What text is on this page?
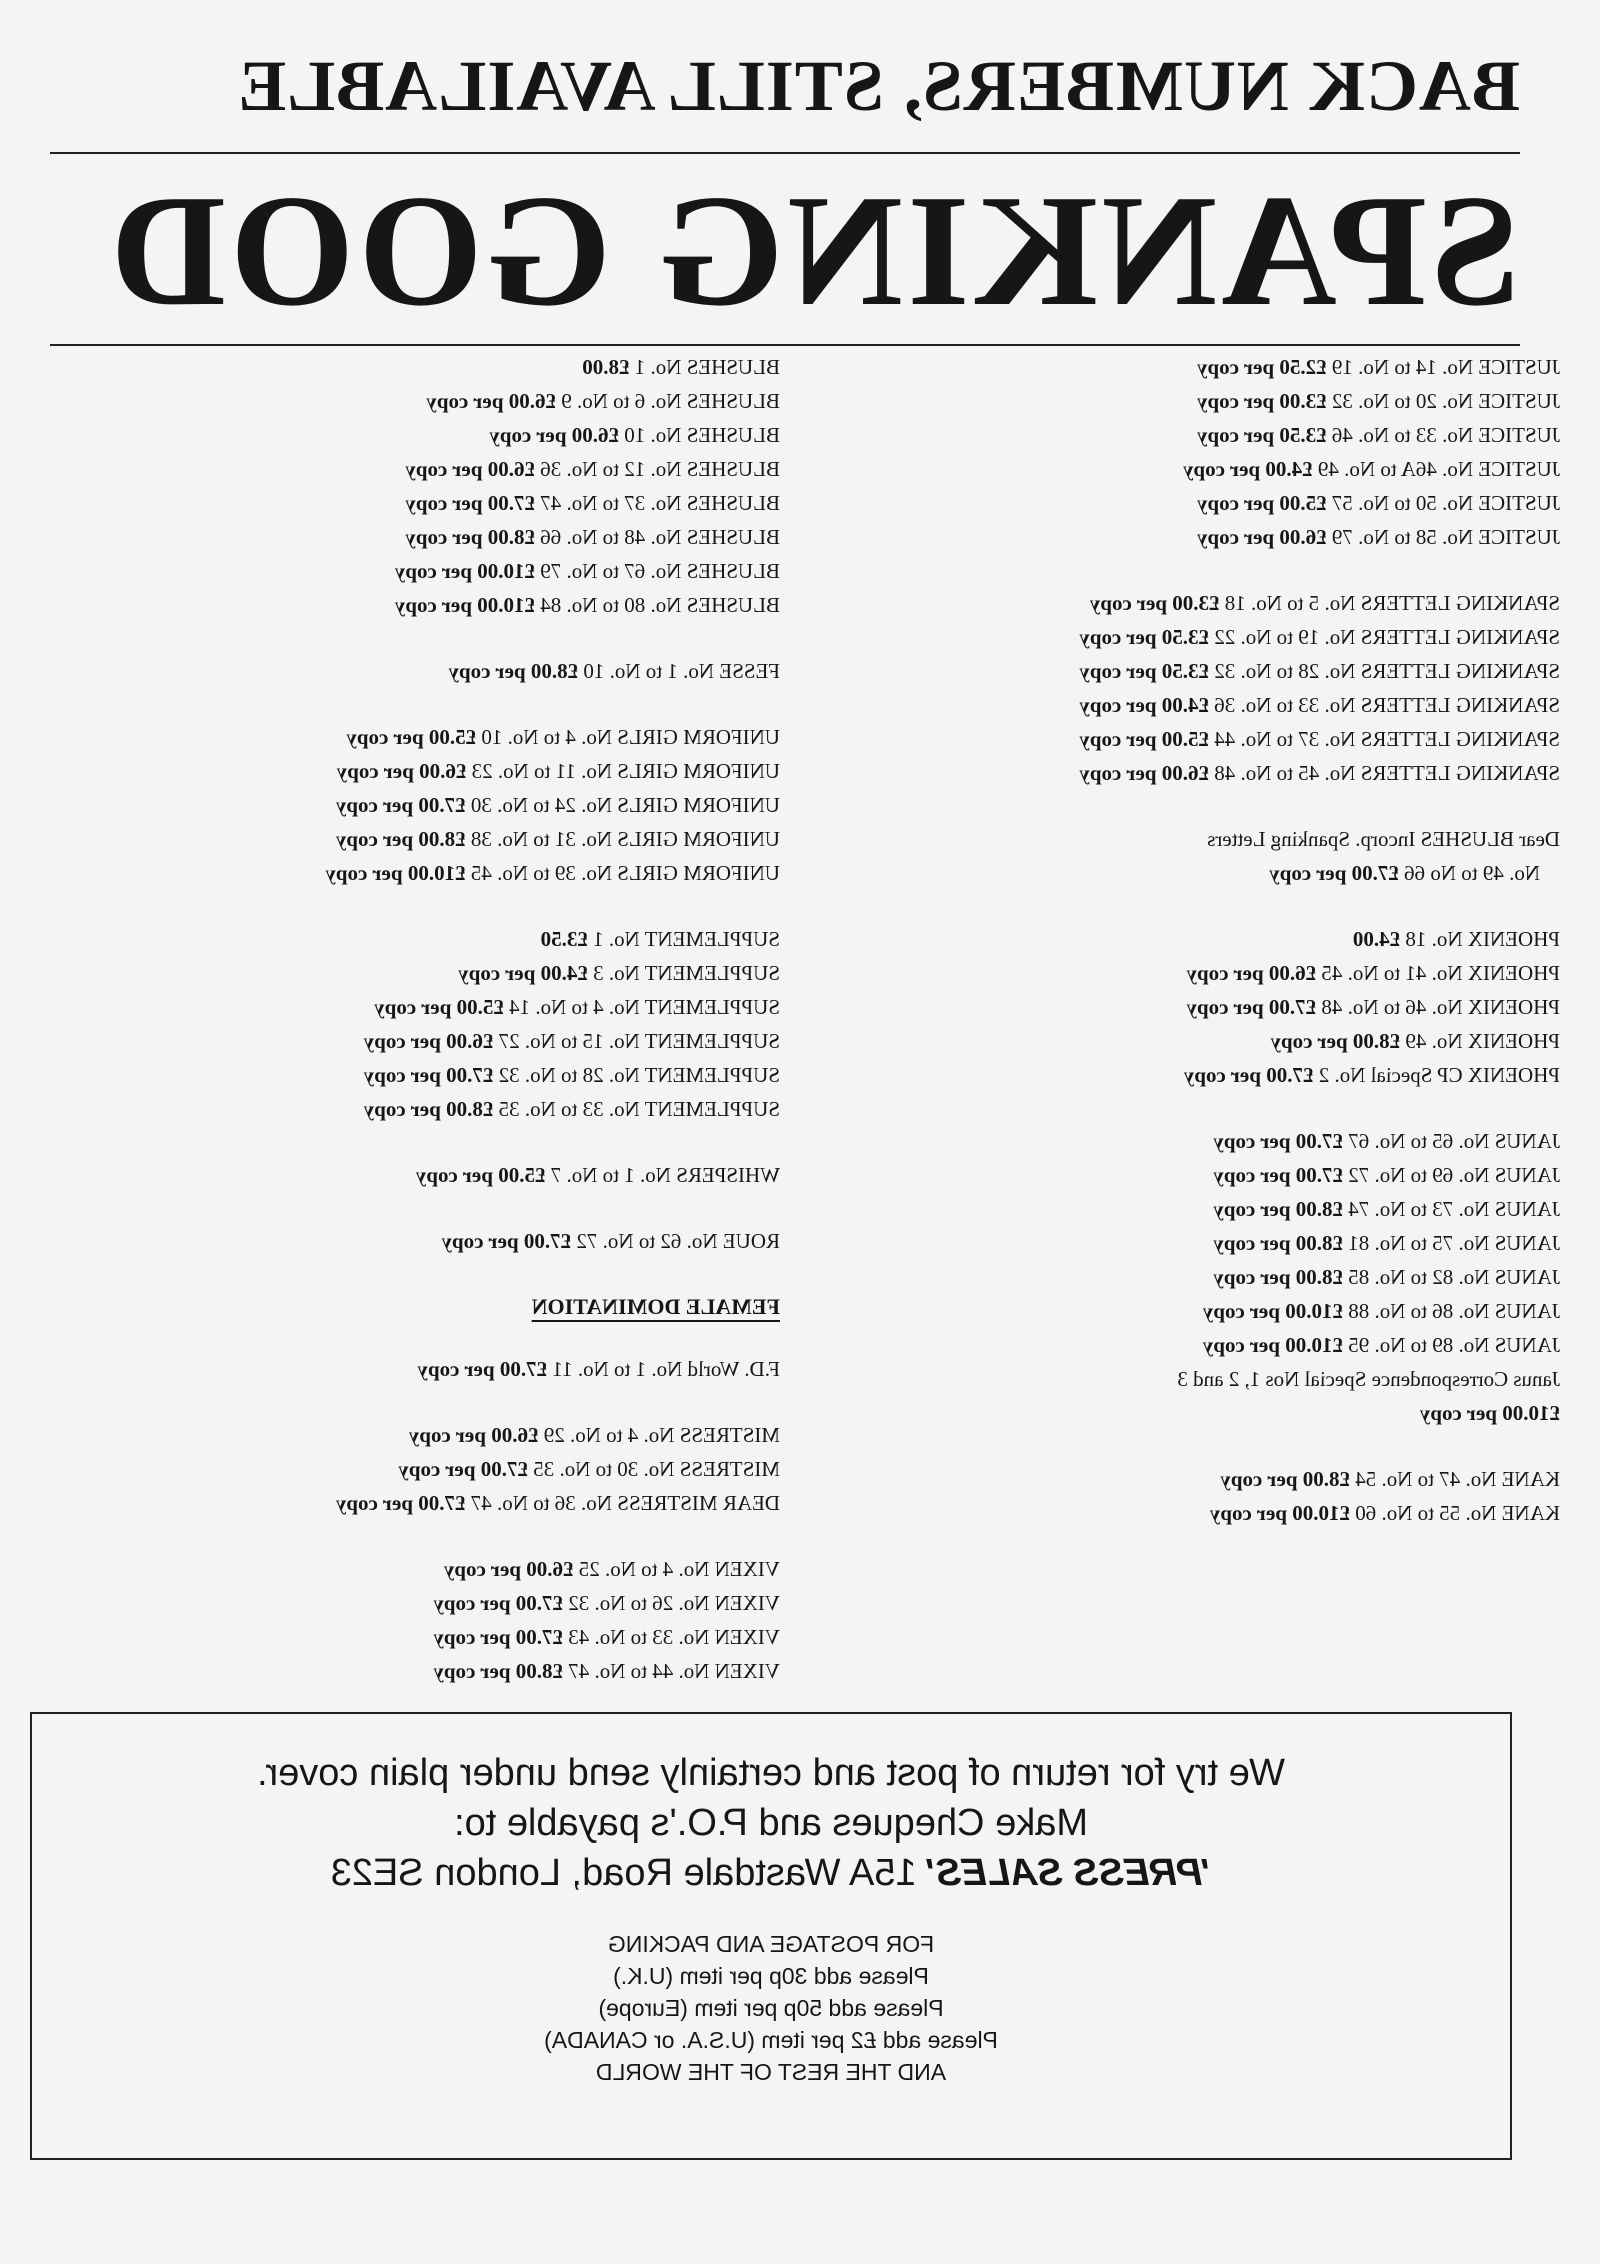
BACK NUMBERS, STILL AVAILABLE
SPANKING GOOD
JUSTICE No. 14 to No. 19 £2.50 per copy
JUSTICE No. 20 to No. 32 £3.00 per copy
JUSTICE No. 33 to No. 46 £3.50 per copy
JUSTICE No. 46A to No. 49 £4.00 per copy
JUSTICE No. 50 to No. 57 £5.00 per copy
JUSTICE No. 58 to No. 79 £6.00 per copy
SPANKING LETTERS No. 5 to No. 18 £3.00 per copy
SPANKING LETTERS No. 19 to No. 22 £3.50 per copy
SPANKING LETTERS No. 28 to No. 32 £3.50 per copy
SPANKING LETTERS No. 33 to No. 36 £4.00 per copy
SPANKING LETTERS No. 37 to No. 44 £5.00 per copy
SPANKING LETTERS No. 45 to No. 48 £6.00 per copy
Dear BLUSHES Incorp. Spanking Letters
No. 49 to No 66 £7.00 per copy
PHOENIX No. 18 £4.00
PHOENIX No. 41 to No. 45 £6.00 per copy
PHOENIX No. 46 to No. 48 £7.00 per copy
PHOENIX No. 49 £8.00 per copy
PHOENIX CP Special No. 2 £7.00 per copy
JANUS No. 65 to No. 67 £7.00 per copy
JANUS No. 69 to No. 72 £7.00 per copy
JANUS No. 73 to No. 74 £8.00 per copy
JANUS No. 75 to No. 81 £8.00 per copy
JANUS No. 82 to No. 85 £8.00 per copy
JANUS No. 86 to No. 88 £10.00 per copy
JANUS No. 89 to No. 95 £10.00 per copy
Janus Correspondence Special Nos 1, 2 and 3
£10.00 per copy
KANE No. 47 to No. 54 £8.00 per copy
KANE No. 55 to No. 60 £10.00 per copy
BLUSHES No. 1 £8.00
BLUSHES No. 6 to No. 9 £6.00 per copy
BLUSHES No. 10 £6.00 per copy
BLUSHES No. 12 to No. 36 £6.00 per copy
BLUSHES No. 37 to No. 47 £7.00 per copy
BLUSHES No. 48 to No. 66 £8.00 per copy
BLUSHES No. 67 to No. 79 £10.00 per copy
BLUSHES No. 80 to No. 84 £10.00 per copy
FESSE No. 1 to No. 10 £8.00 per copy
UNIFORM GIRLS No. 4 to No. 10 £5.00 per copy
UNIFORM GIRLS No. 11 to No. 23 £6.00 per copy
UNIFORM GIRLS No. 24 to No. 30 £7.00 per copy
UNIFORM GIRLS No. 31 to No. 38 £8.00 per copy
UNIFORM GIRLS No. 39 to No. 45 £10.00 per copy
SUPPLEMENT No. 1 £3.50
SUPPLEMENT No. 3 £4.00 per copy
SUPPLEMENT No. 4 to No. 14 £5.00 per copy
SUPPLEMENT No. 15 to No. 27 £6.00 per copy
SUPPLEMENT No. 28 to No. 32 £7.00 per copy
SUPPLEMENT No. 33 to No. 35 £8.00 per copy
WHISPERS No. 1 to No. 7 £5.00 per copy
ROUE No. 62 to No. 72 £7.00 per copy
FEMALE DOMINATION
F.D. World No. 1 to No. 11 £7.00 per copy
MISTRESS No. 4 to No. 29 £6.00 per copy
MISTRESS No. 30 to No. 35 £7.00 per copy
DEAR MISTRESS No. 36 to No. 47 £7.00 per copy
VIXEN No. 4 to No. 25 £6.00 per copy
VIXEN No. 26 to No. 32 £7.00 per copy
VIXEN No. 33 to No. 43 £7.00 per copy
VIXEN No. 44 to No. 47 £8.00 per copy
We try for return of post and certainly send under plain cover.
Make Cheques and P.O.'s payable to:
'PRESS SALES' 15A Wastdale Road, London SE23
FOR POSTAGE AND PACKING
Please add 30p per item (U.K.)
Please add 50p per item (Europe)
Please add £2 per item (U.S.A. or CANADA)
AND THE REST OF THE WORLD
